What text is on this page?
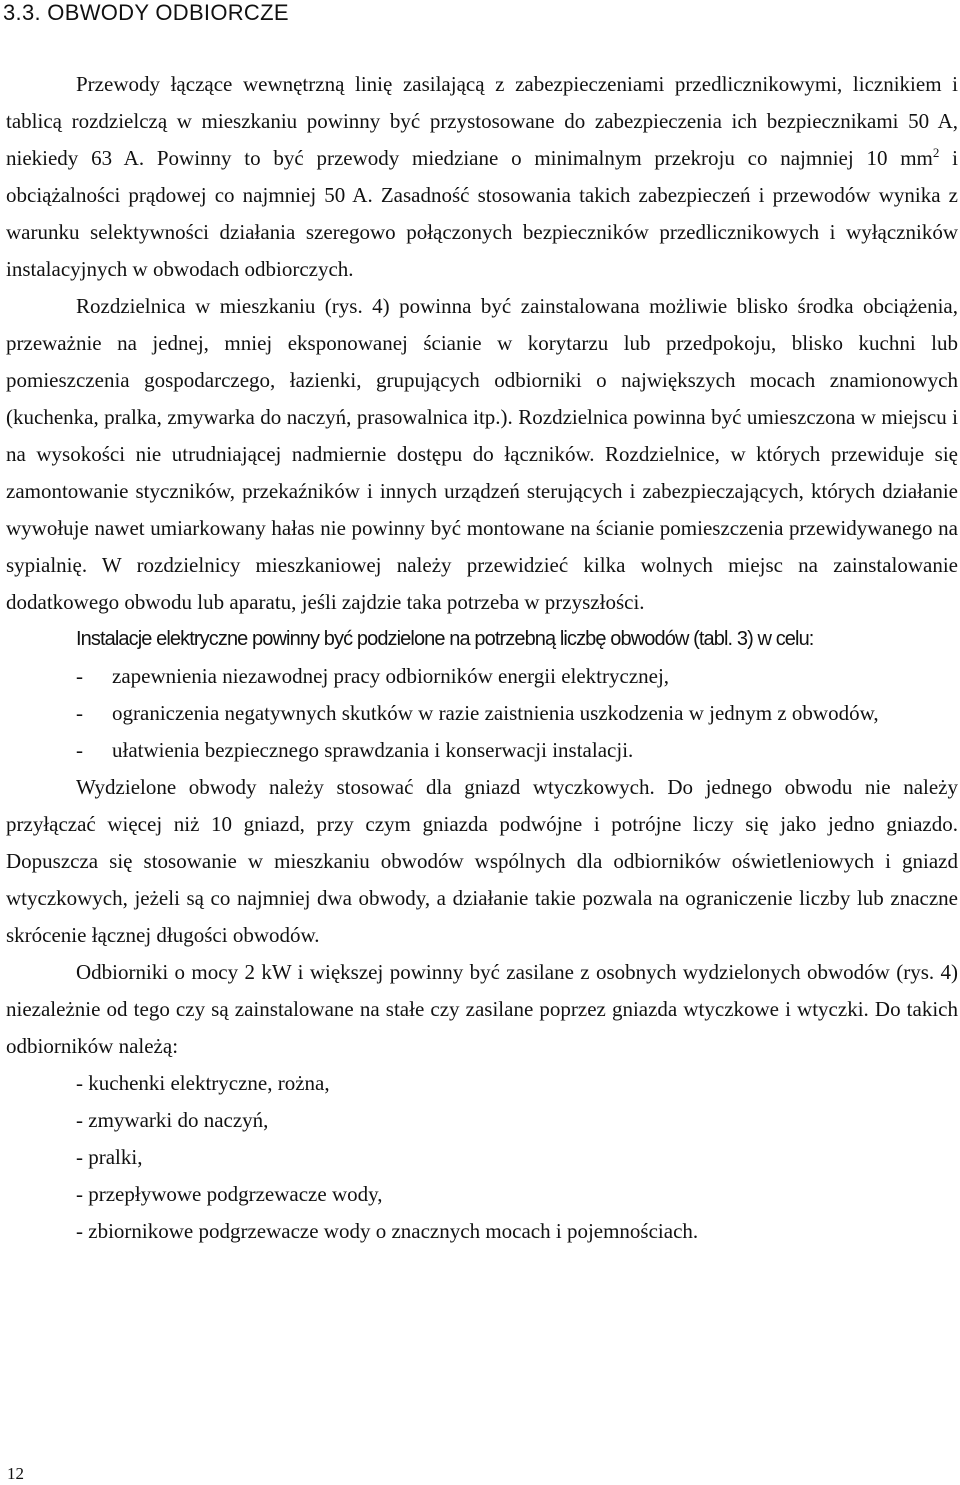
3.3. OBWODY ODBIORCZE

Przewody łączące wewnętrzną linię zasilającą z zabezpieczeniami przedlicznikowymi, licznikiem i tablicą rozdzielczą w mieszkaniu powinny być przystosowane do zabezpieczenia ich bezpiecznikami 50 A, niekiedy 63 A. Powinny to być przewody miedziane o minimalnym przekroju co najmniej 10 $mm^2$ i obciążalności prądowej co najmniej 50 A. Zasadność stosowania takich zabezpieczeń i przewodów wynika z warunku selektywności działania szeregowo połączonych bezpieczników przedlicznikowych i wyłączników instalacyjnych w obwodach odbiorczych.

Rozdzielnica w mieszkaniu (rys. 4) powinna być zainstalowana możliwie blisko środka obciążenia, przeważnie na jednej, mniej eksponowanej ścianie w korytarzu lub przedpokoju, blisko kuchni lub pomieszczenia gospodarczego, łazienki, grupujących odbiorniki o największych mocach znamionowych (kuchenka, pralka, zmywarka do naczyń, prasowalnica itp.). Rozdzielnica powinna być umieszczona w miejscu i na wysokości nie utrudniającej nadmiernie dostępu do łączników. Rozdzielnice, w których przewiduje się zamontowanie styczników, przekaźników i innych urządzeń sterujących i zabezpieczających, których działanie wywołuje nawet umiarkowany hałas nie powinny być montowane na ścianie pomieszczenia przewidywanego na sypialnię. W rozdzielnicy mieszkaniowej należy przewidzieć kilka wolnych miejsc na zainstalowanie dodatkowego obwodu lub aparatu, jeśli zajdzie taka potrzeba w przyszłości.

Instalacje elektryczne powinny być podzielone na potrzebną liczbę obwodów (tabl. 3) w celu:

-	zapewnienia niezawodnej pracy odbiorników energii elektrycznej,
-	ograniczenia negatywnych skutków w razie zaistnienia uszkodzenia w jednym z obwodów,
-	ułatwienia bezpiecznego sprawdzania i konserwacji instalacji.

Wydzielone obwody należy stosować dla gniazd wtyczkowych. Do jednego obwodu nie należy przyłączać więcej niż 10 gniazd, przy czym gniazda podwójne i potrójne liczy się jako jedno gniazdo. Dopuszcza się stosowanie w mieszkaniu obwodów wspólnych dla odbiorników oświetleniowych i gniazd wtyczkowych, jeżeli są co najmniej dwa obwody, a działanie takie pozwala na ograniczenie liczby lub znaczne skrócenie łącznej długości obwodów.

Odbiorniki o mocy 2 kW i większej powinny być zasilane z osobnych wydzielonych obwodów (rys. 4) niezależnie od tego czy są zainstalowane na stałe czy zasilane poprzez gniazda wtyczkowe i wtyczki. Do takich odbiorników należą:

- kuchenki elektryczne, rożna,
- zmywarki do naczyń,
- pralki,
- przepływowe podgrzewacze wody,
- zbiornikowe podgrzewacze wody o znacznych mocach i pojemnościach.
12
